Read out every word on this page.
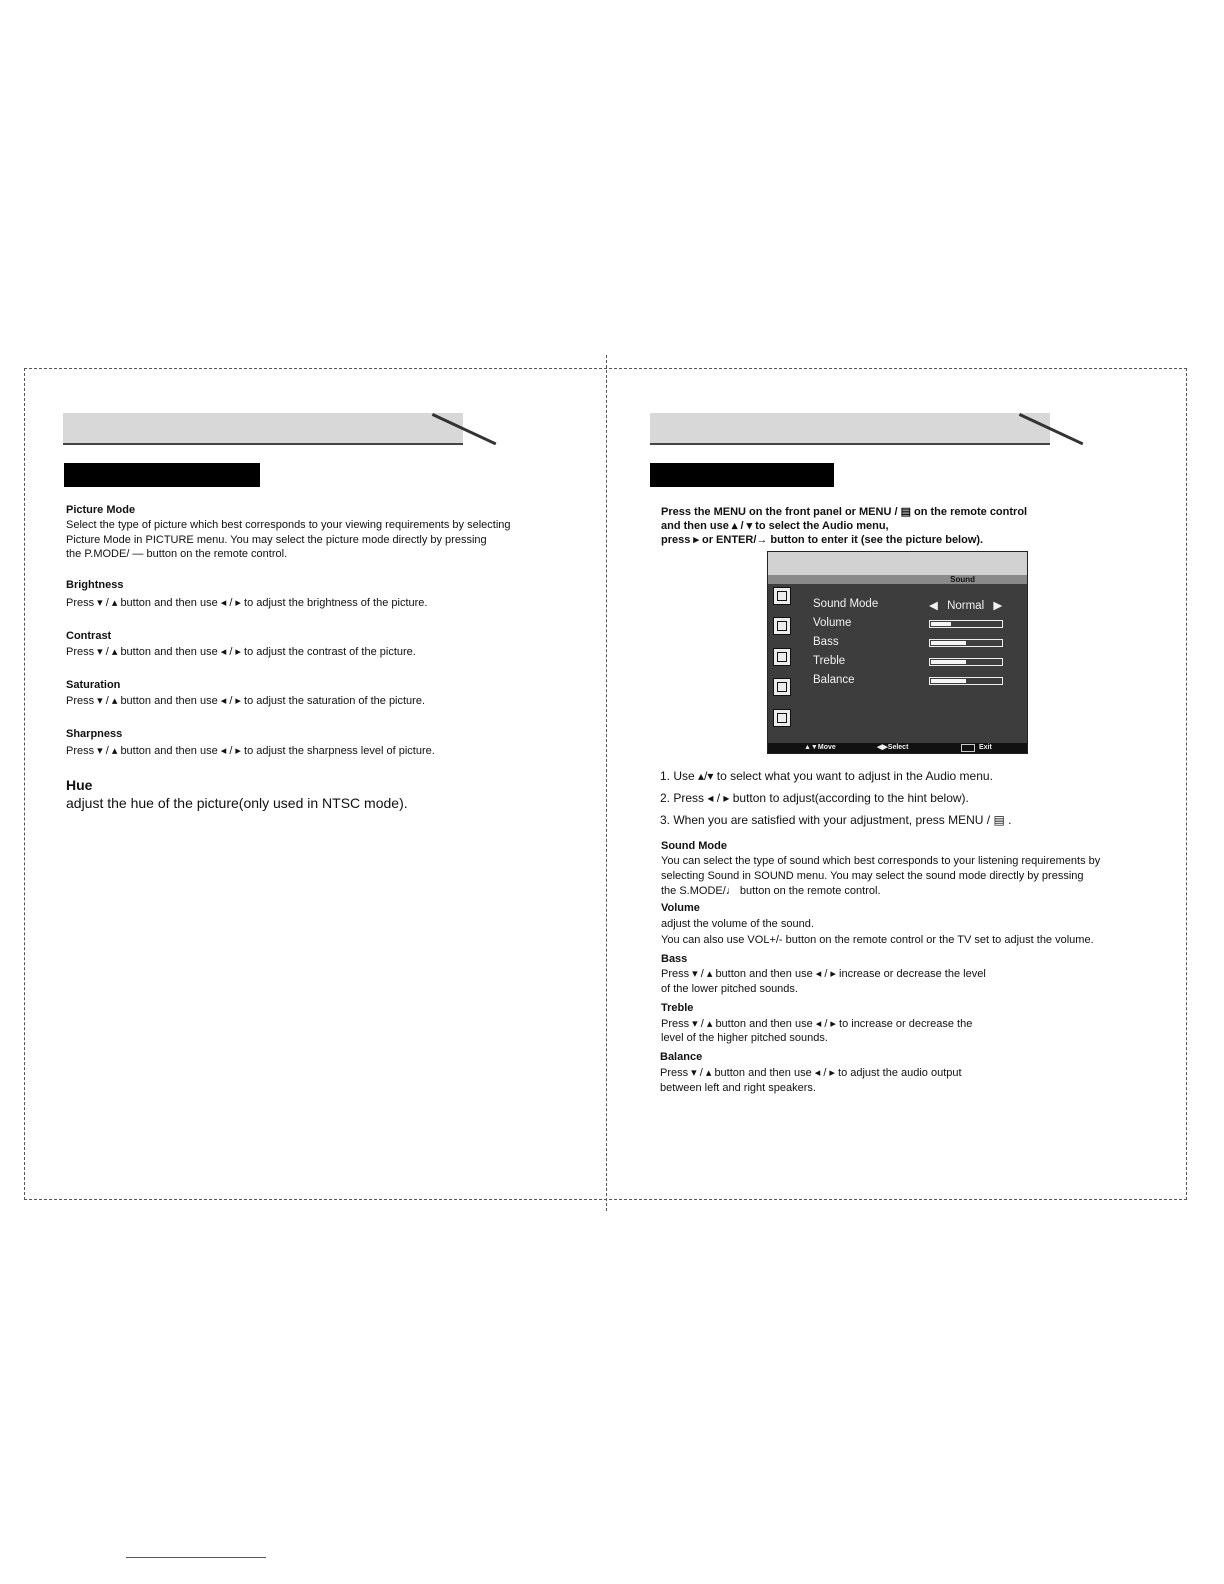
Picture Mode
Select the type of picture which best corresponds to your viewing requirements by selecting
Picture Mode in PICTURE menu. You may select the picture mode directly by pressing
the P.MODE/ — button on the remote control.
Brightness
Press ▾ / ▴ button and then use ◂ / ▸ to adjust the brightness of the picture.
Contrast
Press ▾ / ▴ button and then use ◂ / ▸ to adjust the contrast of the picture.
Saturation
Press ▾ / ▴ button and then use ◂ / ▸ to adjust the saturation of the picture.
Sharpness
Press ▾ / ▴ button and then use ◂ / ▸ to adjust the sharpness level of picture.
Hue
adjust the hue of the picture(only used in NTSC mode).
Press the MENU on the front panel or MENU / ▤ on the remote control
and then use ▴ / ▾ to select the Audio menu,
press ▸ or ENTER/→ button to enter it (see the picture below).
Sound
Sound Mode	◀ Normal ▶
Volume
Bass
Treble
Balance
▲▼Move	◀▶Select	Exit
1. Use ▴/▾ to select what you want to adjust in the Audio menu.
2. Press ◂ / ▸ button to adjust(according to the hint below).
3. When you are satisfied with your adjustment, press MENU / ▤ .
Sound Mode
You can select the type of sound which best corresponds to your listening requirements by
selecting Sound in SOUND menu. You may select the sound mode directly by pressing
the S.MODE/♩ button on the remote control.
Volume
adjust the volume of the sound.
You can also use VOL+/- button on the remote control or the TV set to adjust the volume.
Bass
Press ▾ / ▴ button and then use ◂ / ▸ increase or decrease the level
of the lower pitched sounds.
Treble
Press ▾ / ▴ button and then use ◂ / ▸ to increase or decrease the
level of the higher pitched sounds.
Balance
Press ▾ / ▴ button and then use ◂ / ▸ to adjust the audio output
between left and right speakers.
